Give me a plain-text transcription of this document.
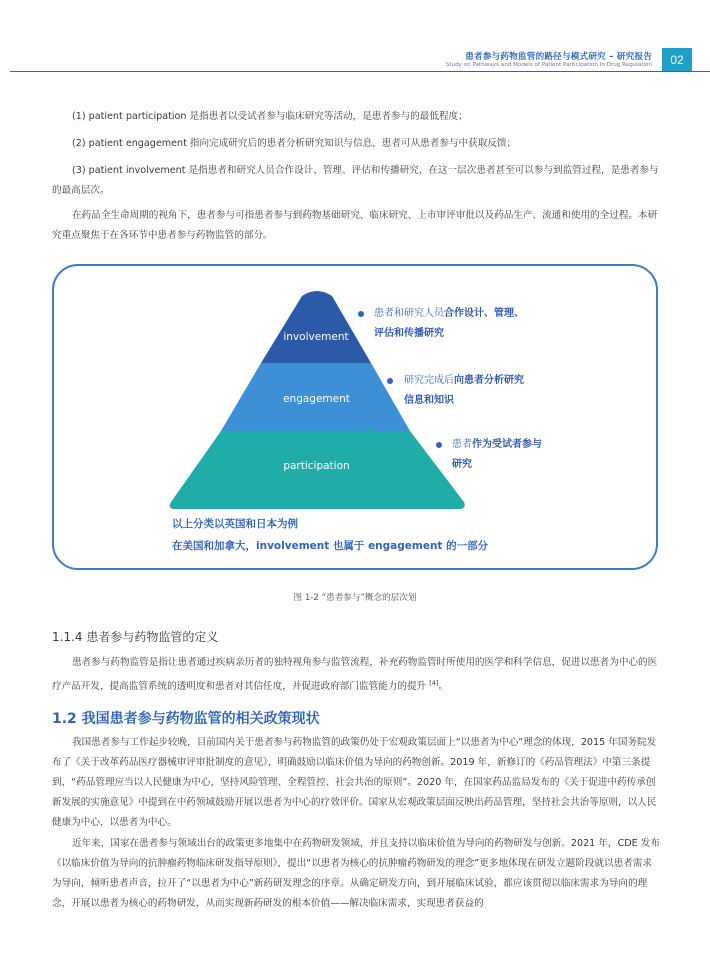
患者参与药物监管的路径与模式研究 – 研究报告
Study on Pathways and Models of Patient Participation In Drug Regulation	02

(1) patient participation 是指患者以受试者参与临床研究等活动，是患者参与的最低程度；

(2) patient engagement 指向完成研究后的患者分析研究知识与信息，患者可从患者参与中获取反馈；

(3) patient involvement 是指患者和研究人员合作设计、管理、评估和传播研究，在这一层次患者甚至可以参与到监管过程，是患者参与的最高层次。

在药品全生命周期的视角下，患者参与可指患者参与到药物基础研究、临床研究、上市审评审批以及药品生产、流通和使用的全过程。本研究重点聚焦于在各环节中患者参与药物监管的部分。

involvement
engagement
participation
患者和研究人员合作设计、管理、评估和传播研究
研究完成后向患者分析研究信息和知识
患者作为受试者参与研究
以上分类以英国和日本为例
在美国和加拿大，involvement 也属于 engagement 的一部分
图 1-2 “患者参与”概念的层次划
1.1.4 患者参与药物监管的定义

患者参与药物监管是指让患者通过疾病亲历者的独特视角参与监管流程，补充药物监管时所使用的医学和科学信息，促进以患者为中心的医疗产品开发，提高监管系统的透明度和患者对其信任度，并促进政府部门监管能力的提升 [4]。

1.2 我国患者参与药物监管的相关政策现状

我国患者参与工作起步较晚，目前国内关于患者参与药物监管的政策仍处于宏观政策层面上“以患者为中心”理念的体现，2015 年国务院发布了《关于改革药品医疗器械审评审批制度的意见》，明确鼓励以临床价值为导向的药物创新。2019 年，新修订的《药品管理法》中第三条提到，“药品管理应当以人民健康为中心，坚持风险管理、全程管控、社会共治的原则”。2020 年，在国家药品监局发布的《关于促进中药传承创新发展的实施意见》中提到在中药领域鼓励开展以患者为中心的疗效评价。国家从宏观政策层面反映出药品管理，坚持社会共治等原则，以人民健康为中心，以患者为中心。

近年来，国家在患者参与领域出台的政策更多地集中在药物研发领域，并且支持以临床价值为导向的药物研发与创新。2021 年，CDE 发布《以临床价值为导向的抗肿瘤药物临床研发指导原则》，提出“以患者为核心的抗肿瘤药物研发的理念”更多地体现在研发立题阶段就以患者需求为导向，倾听患者声音，拉开了“以患者为中心”新药研发理念的序章。从确定研发方向，到开展临床试验，都应该贯彻以临床需求为导向的理念，开展以患者为核心的药物研发，从而实现新药研发的根本价值——解决临床需求，实现患者获益的
